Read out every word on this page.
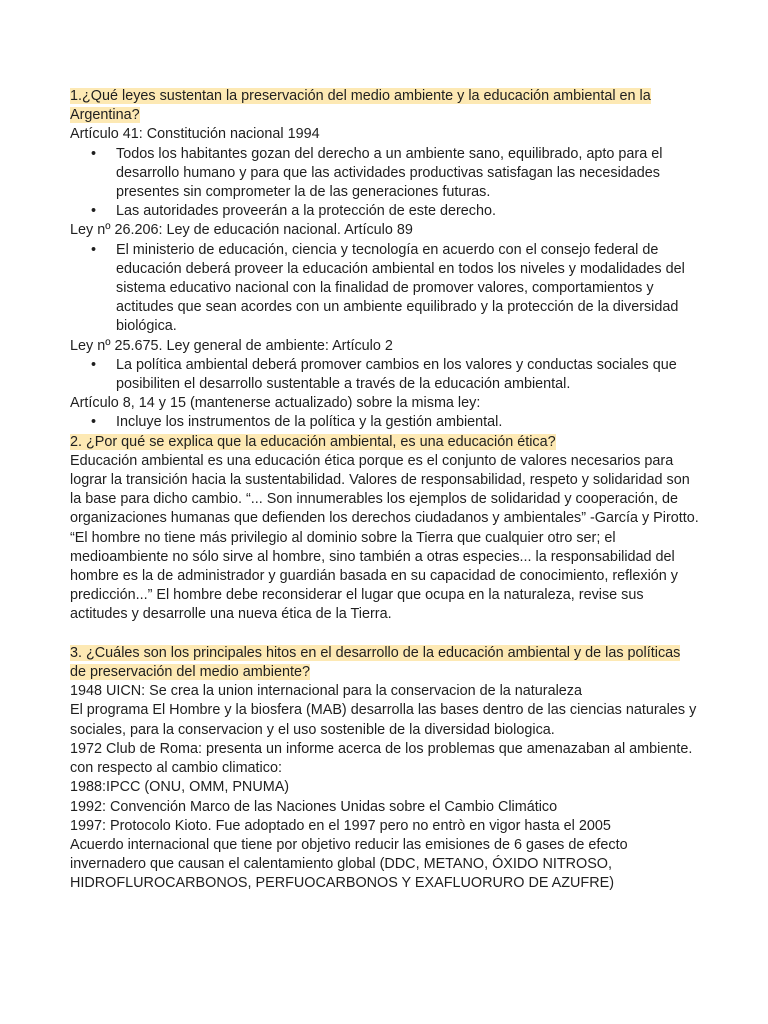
1.¿Qué leyes sustentan la preservación del medio ambiente y la educación ambiental en la Argentina?

Artículo 41: Constitución nacional 1994

• Todos los habitantes gozan del derecho a un ambiente sano, equilibrado, apto para el desarrollo humano y para que las actividades productivas satisfagan las necesidades presentes sin comprometer la de las generaciones futuras.
• Las autoridades proveerán a la protección de este derecho.

Ley nº 26.206: Ley de educación nacional. Artículo 89

• El ministerio de educación, ciencia y tecnología en acuerdo con el consejo federal de educación deberá proveer la educación ambiental en todos los niveles y modalidades del sistema educativo nacional con la finalidad de promover valores, comportamientos y actitudes que sean acordes con un ambiente equilibrado y la protección de la diversidad biológica.

Ley nº 25.675. Ley general de ambiente: Artículo 2

• La política ambiental deberá promover cambios en los valores y conductas sociales que posibiliten el desarrollo sustentable a través de la educación ambiental.

Artículo 8, 14 y 15 (mantenerse actualizado) sobre la misma ley:

• Incluye los instrumentos de la política y la gestión ambiental.

2. ¿Por qué se explica que la educación ambiental, es una educación ética?

Educación ambiental es una educación ética porque es el conjunto de valores necesarios para lograr la transición hacia la sustentabilidad. Valores de responsabilidad, respeto y solidaridad son la base para dicho cambio. “... Son innumerables los ejemplos de solidaridad y cooperación, de organizaciones humanas que defienden los derechos ciudadanos y ambientales” -García y Pirotto. “El hombre no tiene más privilegio al dominio sobre la Tierra que cualquier otro ser; el medioambiente no sólo sirve al hombre, sino también a otras especies... la responsabilidad del hombre es la de administrador y guardián basada en su capacidad de conocimiento, reflexión y predicción...” El hombre debe reconsiderar el lugar que ocupa en la naturaleza, revise sus actitudes y desarrolle una nueva ética de la Tierra.

3. ¿Cuáles son los principales hitos en el desarrollo de la educación ambiental y de las políticas de preservación del medio ambiente?

1948 UICN: Se crea la union internacional para la conservacion de la naturaleza

El programa El Hombre y la biosfera (MAB) desarrolla las bases dentro de las ciencias naturales y sociales, para la conservacion y el uso sostenible de la diversidad biologica.

1972 Club de Roma: presenta un informe acerca de los problemas que amenazaban al ambiente.

con respecto al cambio climatico:

1988:IPCC (ONU, OMM, PNUMA)

1992: Convención Marco de las Naciones Unidas sobre el Cambio Climático

1997: Protocolo Kioto. Fue adoptado en el 1997 pero no entrò en vigor hasta el 2005

Acuerdo internacional que tiene por objetivo reducir las emisiones de 6 gases de efecto invernadero que causan el calentamiento global (DDC, METANO, ÓXIDO NITROSO, HIDROFLUROCARBONOS, PERFUOCARBONOS Y EXAFLUORURO DE AZUFRE)
